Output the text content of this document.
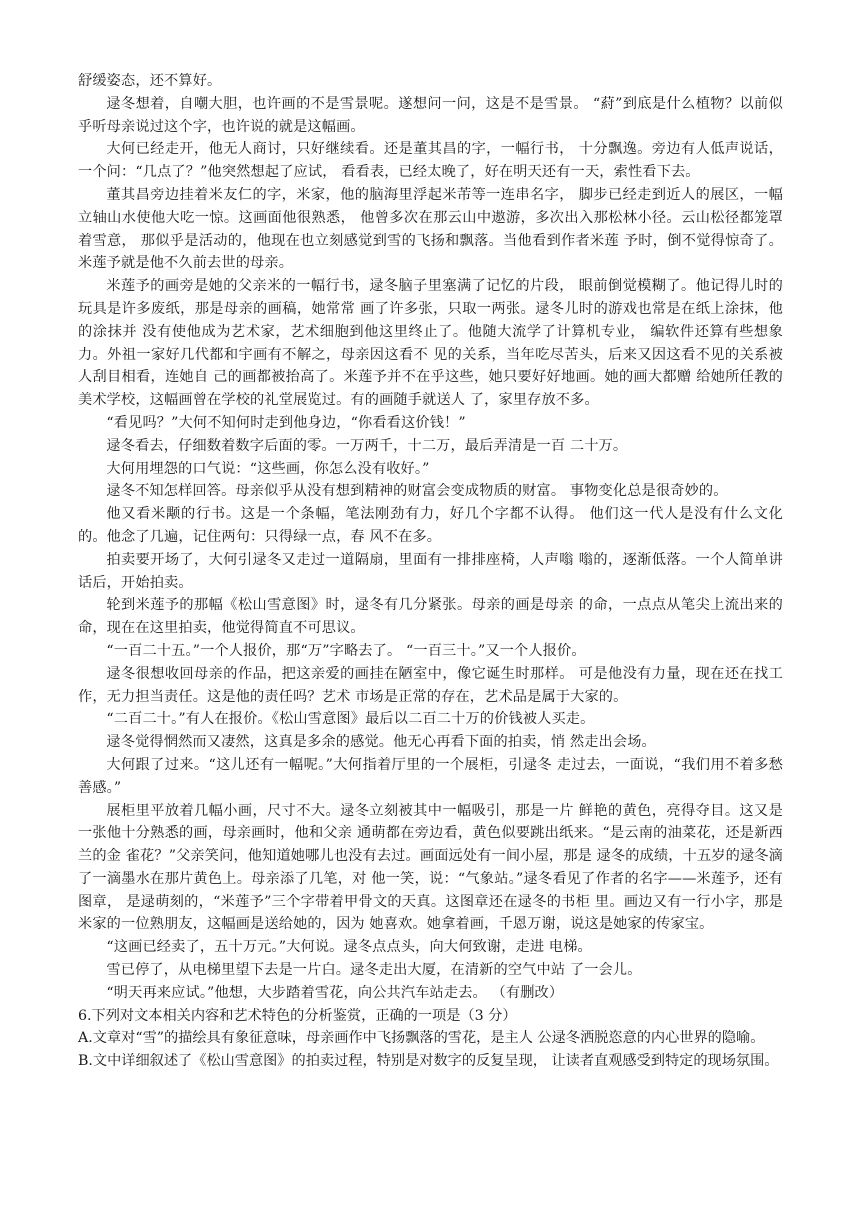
舒缓姿态，还不算好。

逯冬想着，自嘲大胆，也许画的不是雪景呢。遂想问一问，这是不是雪景。 “葤”到底是什么植物？以前似乎听母亲说过这个字，也许说的就是这幅画。

大何已经走开，他无人商讨，只好继续看。还是董其昌的字，一幅行书， 十分飘逸。旁边有人低声说话，一个问：“几点了？”他突然想起了应试， 看看表，已经太晚了，好在明天还有一天，索性看下去。

董其昌旁边挂着米友仁的字，米家，他的脑海里浮起米芾等一连串名字， 脚步已经走到近人的展区，一幅立轴山水使他大吃一惊。这画面他很熟悉， 他曾多次在那云山中遨游，多次出入那松林小径。云山松径都笼罩着雪意， 那似乎是活动的，他现在也立刻感觉到雪的飞扬和飘落。当他看到作者米莲 予时，倒不觉得惊奇了。米莲予就是他不久前去世的母亲。

米莲予的画旁是她的父亲米的一幅行书，逯冬脑子里塞满了记忆的片段， 眼前倒觉模糊了。他记得儿时的玩具是许多废纸，那是母亲的画稿，她常常 画了许多张，只取一两张。逯冬儿时的游戏也常是在纸上涂抹，他的涂抹并 没有使他成为艺术家，艺术细胞到他这里终止了。他随大流学了计算机专业， 编软件还算有些想象力。外祖一家好几代都和宇画有不解之，母亲因这看不 见的关系，当年吃尽苦头，后来又因这看不见的关系被人刮目相看，连她自 己的画都被抬高了。米莲予并不在乎这些，她只要好好地画。她的画大都赠 给她所任教的美术学校，这幅画曾在学校的礼堂展览过。有的画随手就送人 了，家里存放不多。

“看见吗？”大何不知何时走到他身边，“你看看这价钱！”

逯冬看去，仔细数着数字后面的零。一万两千，十二万，最后弄清是一百 二十万。

大何用埋怨的口气说：“这些画，你怎么没有收好。”

逯冬不知怎样回答。母亲似乎从没有想到精神的财富会变成物质的财富。 事物变化总是很奇妙的。

他又看米颙的行书。这是一个条幅，笔法刚劲有力，好几个字都不认得。 他们这一代人是没有什么文化的。他念了几遍，记住两句：只得绿一点，春 风不在多。

拍卖要开场了，大何引逯冬又走过一道隔扇，里面有一排排座椅，人声嗡 嗡的，逐渐低落。一个人简单讲话后，开始拍卖。

轮到米莲予的那幅《松山雪意图》时，逯冬有几分紧张。母亲的画是母亲 的命，一点点从笔尖上流出来的命，现在在这里拍卖，他觉得简直不可思议。

“一百二十五。”一个人报价，那“万”字略去了。 “一百三十。”又一个人报价。

逯冬很想收回母亲的作品，把这亲爱的画挂在陋室中，像它诞生时那样。 可是他没有力量，现在还在找工作，无力担当责任。这是他的责任吗？艺术 市场是正常的存在，艺术品是属于大家的。

“二百二十。”有人在报价。《松山雪意图》最后以二百二十万的价钱被人买走。

逯冬觉得惘然而又凄然，这真是多余的感觉。他无心再看下面的拍卖，悄 然走出会场。

大何跟了过来。“这儿还有一幅呢。”大何指着厅里的一个展柜，引逯冬 走过去，一面说，“我们用不着多愁善感。”

展柜里平放着几幅小画，尺寸不大。逯冬立刻被其中一幅吸引，那是一片 鲜艳的黄色，亮得夺目。这又是一张他十分熟悉的画，母亲画时，他和父亲 通萌都在旁边看，黄色似要跳出纸来。“是云南的油菜花，还是新西兰的金 雀花？”父亲笑问，他知道她哪儿也没有去过。画面远处有一间小屋，那是 逯冬的成绩，十五岁的逯冬滴了一滴墨水在那片黄色上。母亲添了几笔，对 他一笑，说：“气象站。”逯冬看见了作者的名字——米莲予，还有图章， 是逯萌刻的，“米莲予”三个字带着甲骨文的天真。这图章还在逯冬的书柜 里。画边又有一行小字，那是米家的一位熟朋友，这幅画是送给她的，因为 她喜欢。她拿着画，千恩万谢，说这是她家的传家宝。

“这画已经卖了，五十万元。”大何说。逯冬点点头，向大何致谢，走进 电梯。

雪已停了，从电梯里望下去是一片白。逯冬走出大厦，在清新的空气中站 了一会儿。

“明天再来应试。”他想，大步踏着雪花，向公共汽车站走去。 （有删改）

6.下列对文本相关内容和艺术特色的分析鉴赏，正确的一项是（3 分）

A.文章对“雪”的描绘具有象征意味，母亲画作中飞扬飘落的雪花，是主人 公逯冬洒脱恣意的内心世界的隐喻。

B.文中详细叙述了《松山雪意图》的拍卖过程，特别是对数字的反复呈现， 让读者直观感受到特定的现场氛围。
